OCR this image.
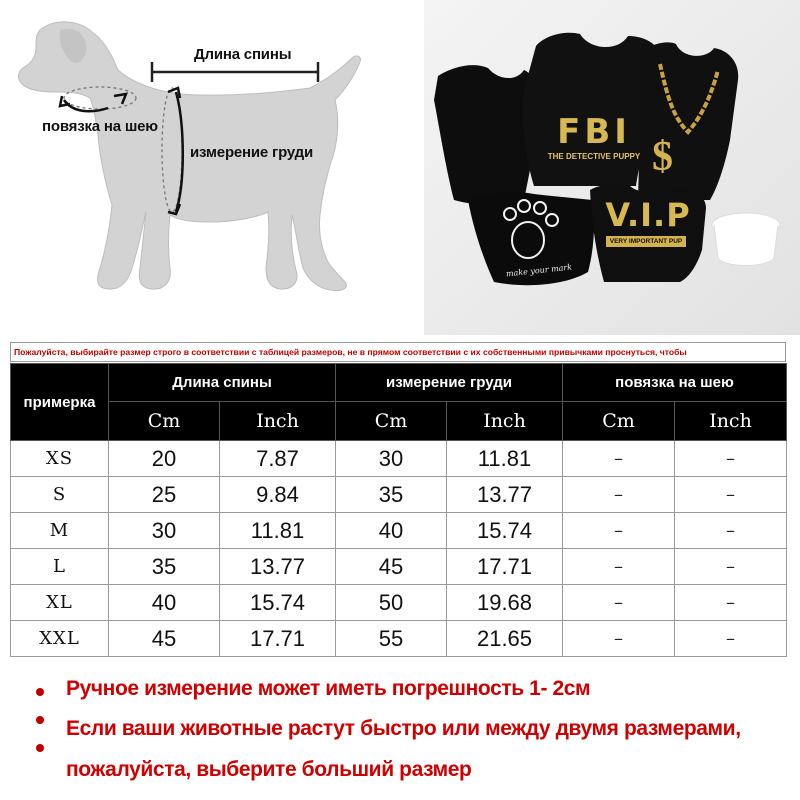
Длина спины
повязка на шею
измерение груди	$
FBI
THE DETECTIVE PUPPY
V.I.P
VERY IMPORTANT PUP
make your mark
Пожалуйста, выбирайте размер строго в соответствии с таблицей размеров, не в прямом соответствии с их собственными привычками проснуться, чтобы
примерка	Длина спины		измерение груди		повязка на шею	
	Cm	Inch	Cm	Inch	Cm	Inch
XS	20	7.87	30	11.81	–	–
S	25	9.84	35	13.77	–	–
M	30	11.81	40	15.74	–	–
L	35	13.77	45	17.71	–	–
XL	40	15.74	50	19.68	–	–
XXL	45	17.71	55	21.65	–	–
Ручное измерение может иметь погрешность 1- 2см
Если ваши животные растут быстро или между двумя размерами,
пожалуйста, выберите больший размер
